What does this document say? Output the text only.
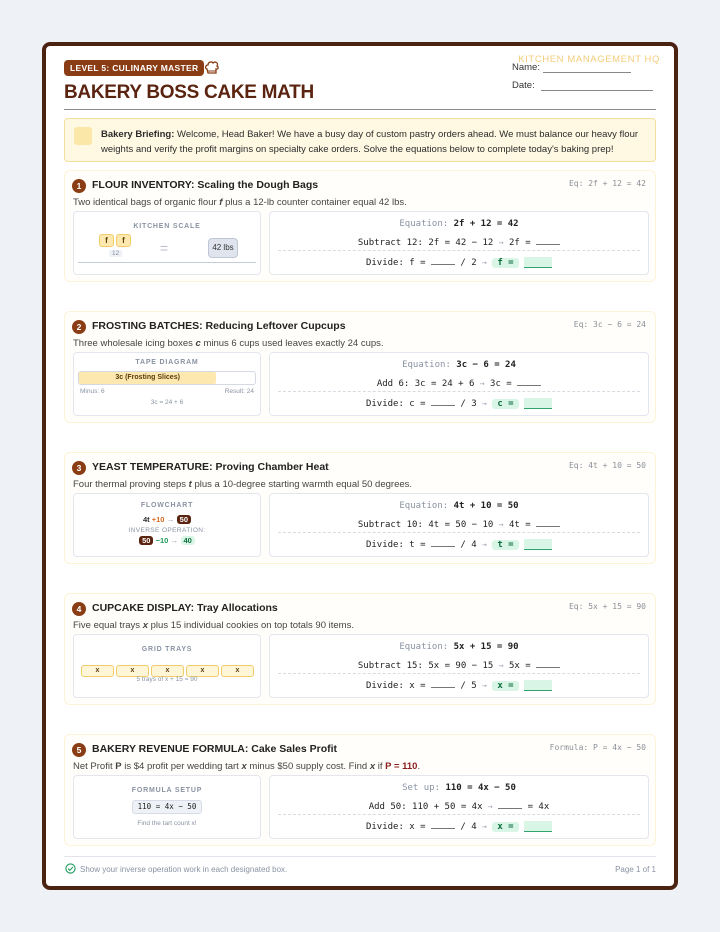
LEVEL 5: CULINARY MASTER
BAKERY BOSS CAKE MATH
KITCHEN MANAGEMENT HQ
Name:
Date:
Bakery Briefing: Welcome, Head Baker! We have a busy day of custom pastry orders ahead. We must balance our heavy flour weights and verify the profit margins on specialty cake orders. Solve the equations below to complete today's baking prep!
1	FLOUR INVENTORY: Scaling the Dough Bags	Eq: 2f + 12 = 42
Two identical bags of organic flour f plus a 12-lb counter container equal 42 lbs.
KITCHEN SCALE
f	f
12	=	42 lbs
Equation: 2f + 12 = 42
Subtract 12: 2f = 42 − 12 → 2f =
Divide: f =	/ 2 → f =
2	FROSTING BATCHES: Reducing Leftover Cupcups	Eq: 3c − 6 = 24
Three wholesale icing boxes c minus 6 cups used leaves exactly 24 cups.
TAPE DIAGRAM
3c (Frosting Slices)
Minus: 6	Result: 24
3c = 24 + 6
Equation: 3c − 6 = 24
Add 6: 3c = 24 + 6 → 3c =
Divide: c =	/ 3 → c =
3	YEAST TEMPERATURE: Proving Chamber Heat	Eq: 4t + 10 = 50
Four thermal proving steps t plus a 10-degree starting warmth equal 50 degrees.
FLOWCHART
4t +10 → 50
INVERSE OPERATION:
50 −10 → 40
Equation: 4t + 10 = 50
Subtract 10: 4t = 50 − 10 → 4t =
Divide: t =	/ 4 → t =
4	CUPCAKE DISPLAY: Tray Allocations	Eq: 5x + 15 = 90
Five equal trays x plus 15 individual cookies on top totals 90 items.
GRID TRAYS
x	x	x	x	x
5 trays of x + 15 = 90
Equation: 5x + 15 = 90
Subtract 15: 5x = 90 − 15 → 5x =
Divide: x =	/ 5 → x =
5	BAKERY REVENUE FORMULA: Cake Sales Profit	Formula: P = 4x − 50
Net Profit P is $4 profit per wedding tart x minus $50 supply cost. Find x if P = 110.
FORMULA SETUP
110 = 4x − 50
Find the tart count x!
Set up: 110 = 4x − 50
Add 50: 110 + 50 = 4x →	= 4x
Divide: x =	/ 4 → x =
Show your inverse operation work in each designated box.	Page 1 of 1
